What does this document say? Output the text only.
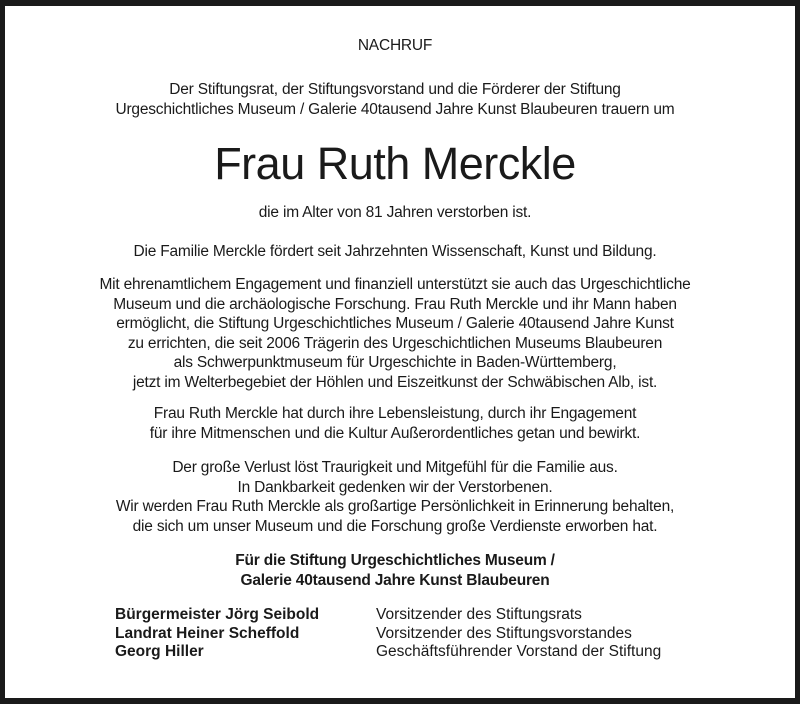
NACHRUF
Der Stiftungsrat, der Stiftungsvorstand und die Förderer der Stiftung
Urgeschichtliches Museum / Galerie 40tausend Jahre Kunst Blaubeuren trauern um
Frau Ruth Merckle
die im Alter von 81 Jahren verstorben ist.
Die Familie Merckle fördert seit Jahrzehnten Wissenschaft, Kunst und Bildung.
Mit ehrenamtlichem Engagement und finanziell unterstützt sie auch das Urgeschichtliche
Museum und die archäologische Forschung. Frau Ruth Merckle und ihr Mann haben
ermöglicht, die Stiftung Urgeschichtliches Museum / Galerie 40tausend Jahre Kunst
zu errichten, die seit 2006 Trägerin des Urgeschichtlichen Museums Blaubeuren
als Schwerpunktmuseum für Urgeschichte in Baden-Württemberg,
jetzt im Welterbegebiet der Höhlen und Eiszeitkunst der Schwäbischen Alb, ist.
Frau Ruth Merckle hat durch ihre Lebensleistung, durch ihr Engagement
für ihre Mitmenschen und die Kultur Außerordentliches getan und bewirkt.
Der große Verlust löst Traurigkeit und Mitgefühl für die Familie aus.
In Dankbarkeit gedenken wir der Verstorbenen.
Wir werden Frau Ruth Merckle als großartige Persönlichkeit in Erinnerung behalten,
die sich um unser Museum und die Forschung große Verdienste erworben hat.
Für die Stiftung Urgeschichtliches Museum /
Galerie 40tausend Jahre Kunst Blaubeuren
Bürgermeister Jörg Seibold
Landrat Heiner Scheffold
Georg Hiller
Vorsitzender des Stiftungsrats
Vorsitzender des Stiftungsvorstandes
Geschäftsführender Vorstand der Stiftung
